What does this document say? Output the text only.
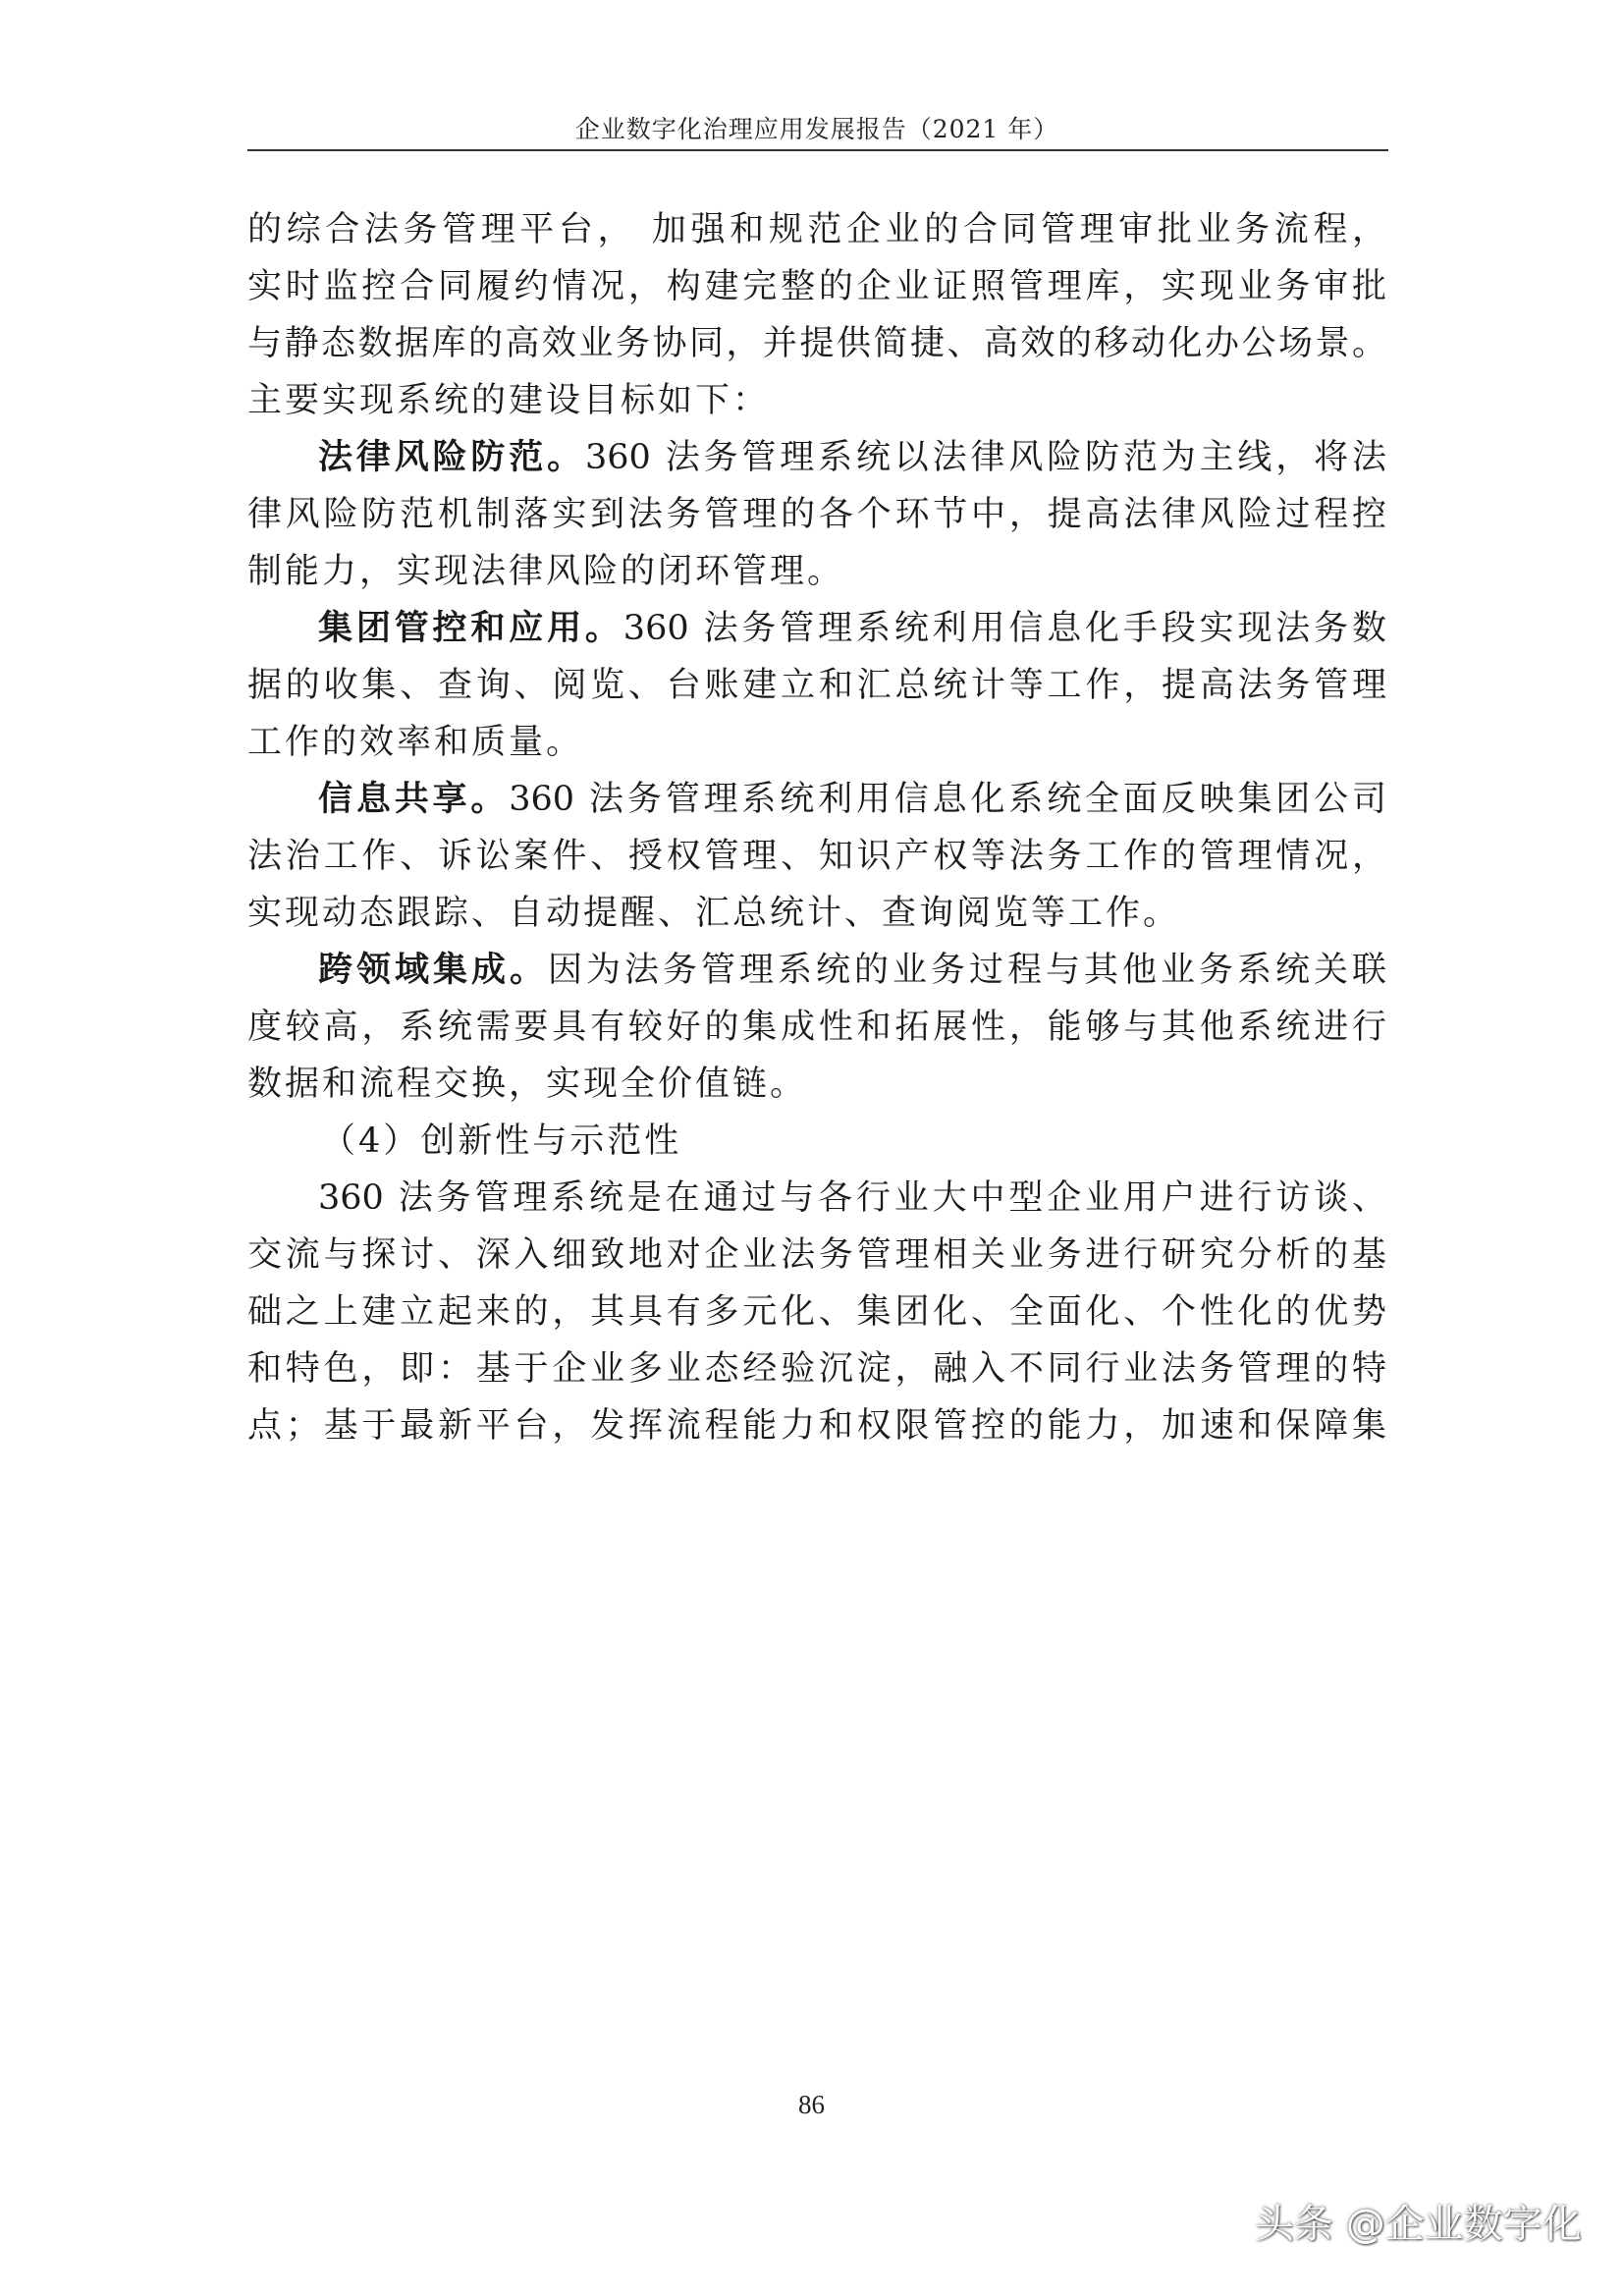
企业数字化治理应用发展报告（2021 年）
的综合法务管理平台， 加强和规范企业的合同管理审批业务流程，
实时监控合同履约情况，构建完整的企业证照管理库，实现业务审批
与静态数据库的高效业务协同，并提供简捷、高效的移动化办公场景。
主要实现系统的建设目标如下：
法律风险防范。360 法务管理系统以法律风险防范为主线，将法
律风险防范机制落实到法务管理的各个环节中，提高法律风险过程控
制能力，实现法律风险的闭环管理。
集团管控和应用。360 法务管理系统利用信息化手段实现法务数
据的收集、查询、阅览、台账建立和汇总统计等工作，提高法务管理
工作的效率和质量。
信息共享。360 法务管理系统利用信息化系统全面反映集团公司
法治工作、诉讼案件、授权管理、知识产权等法务工作的管理情况，
实现动态跟踪、自动提醒、汇总统计、查询阅览等工作。
跨领域集成。因为法务管理系统的业务过程与其他业务系统关联
度较高，系统需要具有较好的集成性和拓展性，能够与其他系统进行
数据和流程交换，实现全价值链。
（4）创新性与示范性
360 法务管理系统是在通过与各行业大中型企业用户进行访谈、
交流与探讨、深入细致地对企业法务管理相关业务进行研究分析的基
础之上建立起来的，其具有多元化、集团化、全面化、个性化的优势
和特色，即：基于企业多业态经验沉淀，融入不同行业法务管理的特
点；基于最新平台，发挥流程能力和权限管控的能力，加速和保障集
86
头条 @企业数字化
